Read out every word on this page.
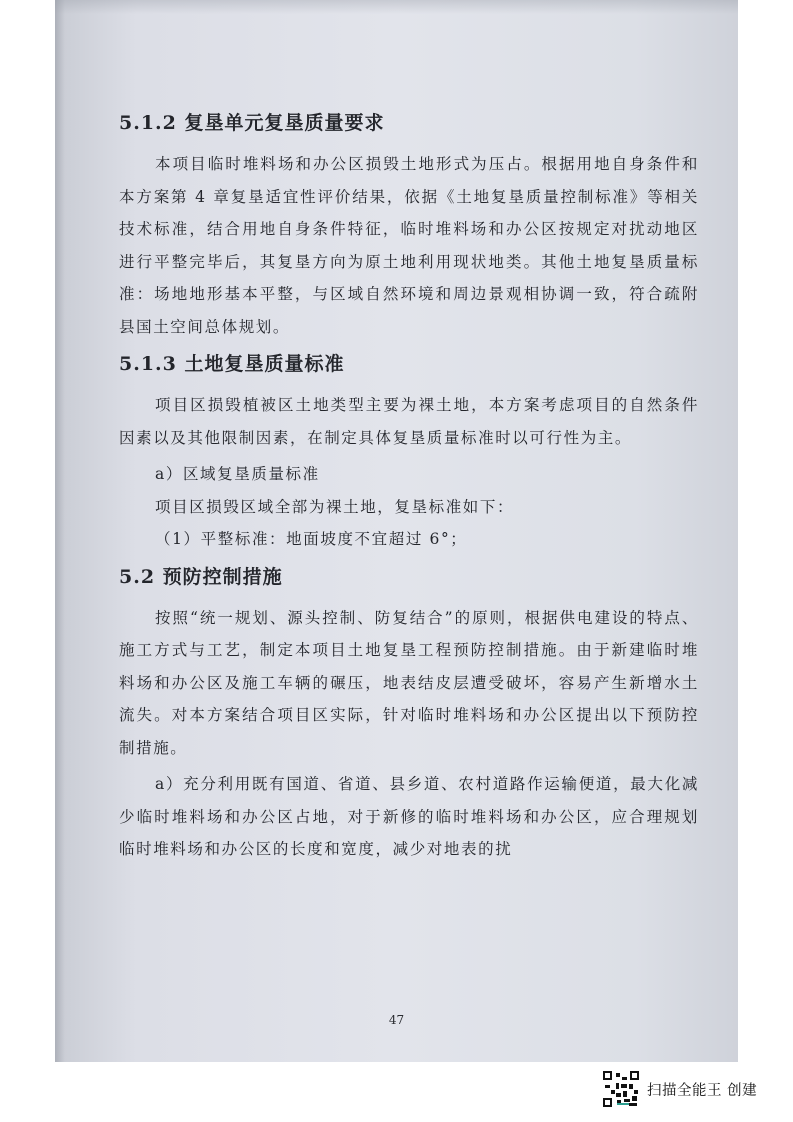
5.1.2 复垦单元复垦质量要求

本项目临时堆料场和办公区损毁土地形式为压占。根据用地自身条件和本方案第 4 章复垦适宜性评价结果，依据《土地复垦质量控制标准》等相关技术标准，结合用地自身条件特征，临时堆料场和办公区按规定对扰动地区进行平整完毕后，其复垦方向为原土地利用现状地类。其他土地复垦质量标准：场地地形基本平整，与区域自然环境和周边景观相协调一致，符合疏附县国土空间总体规划。

5.1.3 土地复垦质量标准

项目区损毁植被区土地类型主要为裸土地，本方案考虑项目的自然条件因素以及其他限制因素，在制定具体复垦质量标准时以可行性为主。

a）区域复垦质量标准

项目区损毁区域全部为裸土地，复垦标准如下：

（1）平整标准：地面坡度不宜超过 6°；

5.2 预防控制措施

按照“统一规划、源头控制、防复结合”的原则，根据供电建设的特点、施工方式与工艺，制定本项目土地复垦工程预防控制措施。由于新建临时堆料场和办公区及施工车辆的碾压，地表结皮层遭受破坏，容易产生新增水土流失。对本方案结合项目区实际，针对临时堆料场和办公区提出以下预防控制措施。

a）充分利用既有国道、省道、县乡道、农村道路作运输便道，最大化减少临时堆料场和办公区占地，对于新修的临时堆料场和办公区，应合理规划临时堆料场和办公区的长度和宽度，减少对地表的扰

47
扫描全能王 创建
